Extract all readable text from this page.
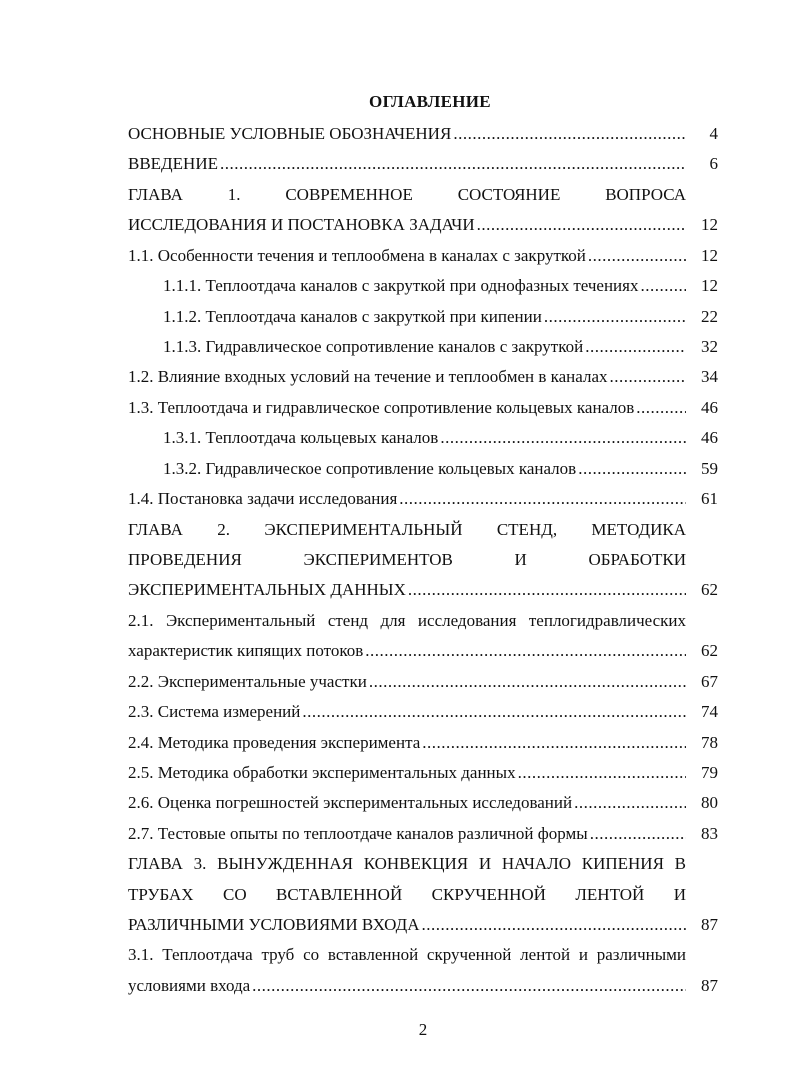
ОГЛАВЛЕНИЕ
ОСНОВНЫЕ УСЛОВНЫЕ ОБОЗНАЧЕНИЯ .....	4
ВВЕДЕНИЕ .....	6
ГЛАВА 1. СОВРЕМЕННОЕ СОСТОЯНИЕ ВОПРОСА
ИССЛЕДОВАНИЯ И ПОСТАНОВКА ЗАДАЧИ .....	12
1.1. Особенности течения и теплообмена в каналах с закруткой .....	12
1.1.1. Теплоотдача каналов с закруткой при однофазных течениях .....	12
1.1.2. Теплоотдача каналов с закруткой при кипении .....	22
1.1.3. Гидравлическое сопротивление каналов с закруткой .....	32
1.2. Влияние входных условий на течение и теплообмен в каналах .....	34
1.3. Теплоотдача и гидравлическое сопротивление кольцевых каналов .....	46
1.3.1. Теплоотдача кольцевых каналов .....	46
1.3.2. Гидравлическое сопротивление кольцевых каналов .....	59
1.4. Постановка задачи исследования .....	61
ГЛАВА 2. ЭКСПЕРИМЕНТАЛЬНЫЙ СТЕНД, МЕТОДИКА
ПРОВЕДЕНИЯ ЭКСПЕРИМЕНТОВ И ОБРАБОТКИ
ЭКСПЕРИМЕНТАЛЬНЫХ ДАННЫХ .....	62
2.1. Экспериментальный стенд для исследования теплогидравлических
характеристик кипящих потоков .....	62
2.2. Экспериментальные участки .....	67
2.3. Система измерений .....	74
2.4. Методика проведения эксперимента .....	78
2.5. Методика обработки экспериментальных данных .....	79
2.6. Оценка погрешностей экспериментальных исследований .....	80
2.7. Тестовые опыты по теплоотдаче каналов различной формы .....	83
ГЛАВА 3. ВЫНУЖДЕННАЯ КОНВЕКЦИЯ И НАЧАЛО КИПЕНИЯ В
ТРУБАХ СО ВСТАВЛЕННОЙ СКРУЧЕННОЙ ЛЕНТОЙ И
РАЗЛИЧНЫМИ УСЛОВИЯМИ ВХОДА .....	87
3.1. Теплоотдача труб со вставленной скрученной лентой и различными
условиями входа .....	87
2
